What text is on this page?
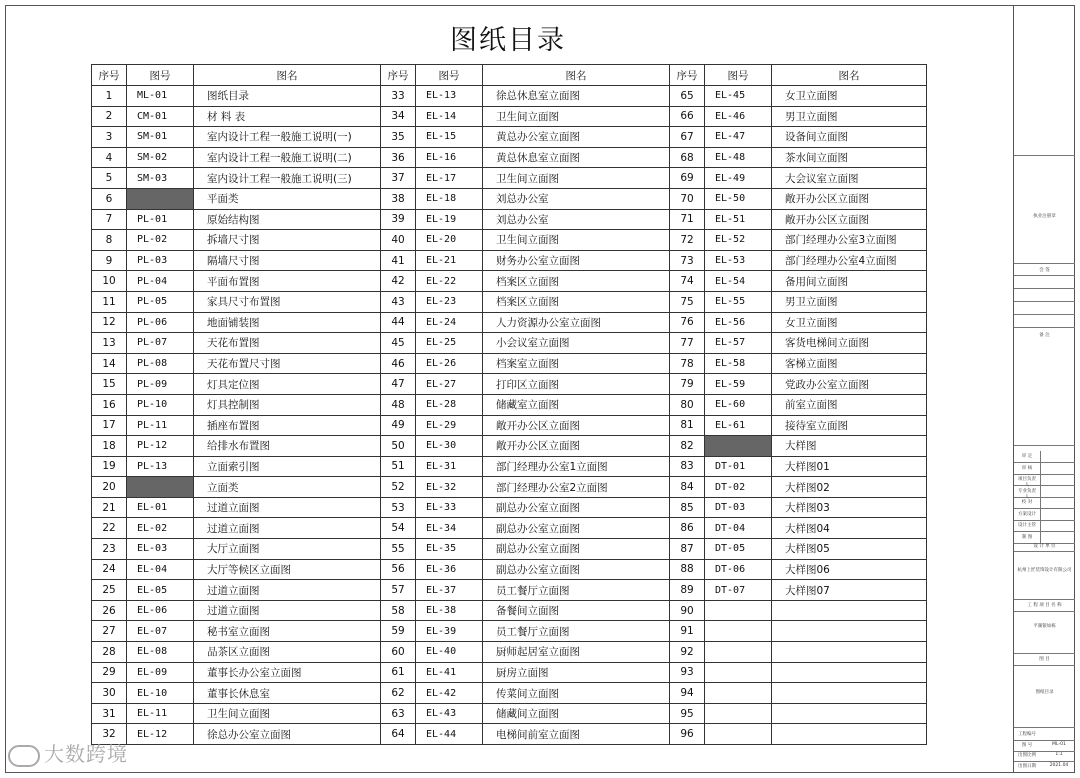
图纸目录
序号	图号	图名	序号	图号	图名	序号	图号	图名
1	ML-01	图纸目录	33	EL-13	徐总休息室立面图	65	EL-45	女卫立面图
2	CM-01	材 料 表	34	EL-14	卫生间立面图	66	EL-46	男卫立面图
3	SM-01	室内设计工程一般施工说明(一)	35	EL-15	黄总办公室立面图	67	EL-47	设备间立面图
4	SM-02	室内设计工程一般施工说明(二)	36	EL-16	黄总休息室立面图	68	EL-48	茶水间立面图
5	SM-03	室内设计工程一般施工说明(三)	37	EL-17	卫生间立面图	69	EL-49	大会议室立面图
6		平面类	38	EL-18	刘总办公室	70	EL-50	敞开办公区立面图
7	PL-01	原始结构图	39	EL-19	刘总办公室	71	EL-51	敞开办公区立面图
8	PL-02	拆墙尺寸图	40	EL-20	卫生间立面图	72	EL-52	部门经理办公室3立面图
9	PL-03	隔墙尺寸图	41	EL-21	财务办公室立面图	73	EL-53	部门经理办公室4立面图
10	PL-04	平面布置图	42	EL-22	档案区立面图	74	EL-54	备用间立面图
11	PL-05	家具尺寸布置图	43	EL-23	档案区立面图	75	EL-55	男卫立面图
12	PL-06	地面铺装图	44	EL-24	人力资源办公室立面图	76	EL-56	女卫立面图
13	PL-07	天花布置图	45	EL-25	小会议室立面图	77	EL-57	客货电梯间立面图
14	PL-08	天花布置尺寸图	46	EL-26	档案室立面图	78	EL-58	客梯立面图
15	PL-09	灯具定位图	47	EL-27	打印区立面图	79	EL-59	党政办公室立面图
16	PL-10	灯具控制图	48	EL-28	储藏室立面图	80	EL-60	前室立面图
17	PL-11	插座布置图	49	EL-29	敞开办公区立面图	81	EL-61	接待室立面图
18	PL-12	给排水布置图	50	EL-30	敞开办公区立面图	82		大样图
19	PL-13	立面索引图	51	EL-31	部门经理办公室1立面图	83	DT-01	大样图01
20		立面类	52	EL-32	部门经理办公室2立面图	84	DT-02	大样图02
21	EL-01	过道立面图	53	EL-33	副总办公室立面图	85	DT-03	大样图03
22	EL-02	过道立面图	54	EL-34	副总办公室立面图	86	DT-04	大样图04
23	EL-03	大厅立面图	55	EL-35	副总办公室立面图	87	DT-05	大样图05
24	EL-04	大厅等候区立面图	56	EL-36	副总办公室立面图	88	DT-06	大样图06
25	EL-05	过道立面图	57	EL-37	员工餐厅立面图	89	DT-07	大样图07
26	EL-06	过道立面图	58	EL-38	备餐间立面图	90		
27	EL-07	秘书室立面图	59	EL-39	员工餐厅立面图	91		
28	EL-08	品茶区立面图	60	EL-40	厨师起居室立面图	92		
29	EL-09	董事长办公室立面图	61	EL-41	厨房立面图	93		
30	EL-10	董事长休息室	62	EL-42	传菜间立面图	94		
31	EL-11	卫生间立面图	63	EL-43	储藏间立面图	95		
32	EL-12	徐总办公室立面图	64	EL-44	电梯间前室立面图	96		
执业注册章
会 签
备 注
审 定
审 核
项目负责人
专业负责人
校 对
方案设计
设计主管
制 图
设 计 单 位
杭州上匠装饰设计有限公司
工 程 项 目 名 称
平湖银如栋
图 目
图纸目录
工程编号
图 号	ML-01
出图比例	1:1
出图日期	2021.04
大数跨境
